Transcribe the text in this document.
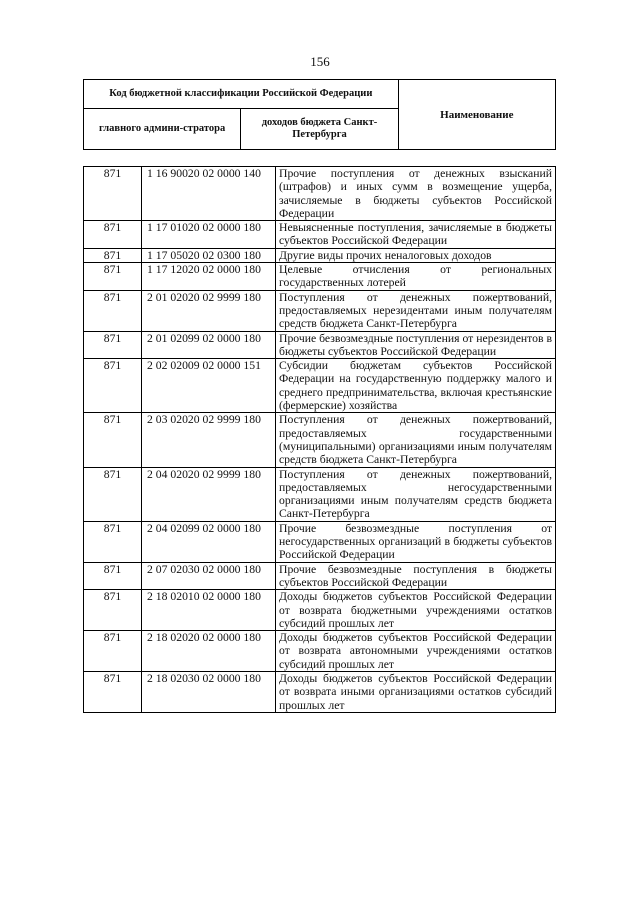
156
Код бюджетной классификации Российской Федерации		Наименование
главного админи-стратора	доходов бюджета Санкт-Петербурга	
871	1 16 90020 02 0000 140	Прочие поступления от денежных взысканий (штрафов) и иных сумм в возмещение ущерба, зачисляемые в бюджеты субъектов Российской Федерации
871	1 17 01020 02 0000 180	Невыясненные поступления, зачисляемые в бюджеты субъектов Российской Федерации
871	1 17 05020 02 0300 180	Другие виды прочих неналоговых доходов
871	1 17 12020 02 0000 180	Целевые отчисления от региональных государственных лотерей
871	2 01 02020 02 9999 180	Поступления от денежных пожертвований, предоставляемых нерезидентами иным получателям средств бюджета Санкт-Петербурга
871	2 01 02099 02 0000 180	Прочие безвозмездные поступления от нерезидентов в бюджеты субъектов Российской Федерации
871	2 02 02009 02 0000 151	Субсидии бюджетам субъектов Российской Федерации на государственную поддержку малого и среднего предпринимательства, включая крестьянские (фермерские) хозяйства
871	2 03 02020 02 9999 180	Поступления от денежных пожертвований, предоставляемых государственными (муниципальными) организациями иным получателям средств бюджета Санкт-Петербурга
871	2 04 02020 02 9999 180	Поступления от денежных пожертвований, предоставляемых негосударственными организациями иным получателям средств бюджета Санкт-Петербурга
871	2 04 02099 02 0000 180	Прочие безвозмездные поступления от негосударственных организаций в бюджеты субъектов Российской Федерации
871	2 07 02030 02 0000 180	Прочие безвозмездные поступления в бюджеты субъектов Российской Федерации
871	2 18 02010 02 0000 180	Доходы бюджетов субъектов Российской Федерации от возврата бюджетными учреждениями остатков субсидий прошлых лет
871	2 18 02020 02 0000 180	Доходы бюджетов субъектов Российской Федерации от возврата автономными учреждениями остатков субсидий прошлых лет
871	2 18 02030 02 0000 180	Доходы бюджетов субъектов Российской Федерации от возврата иными организациями остатков субсидий прошлых лет
